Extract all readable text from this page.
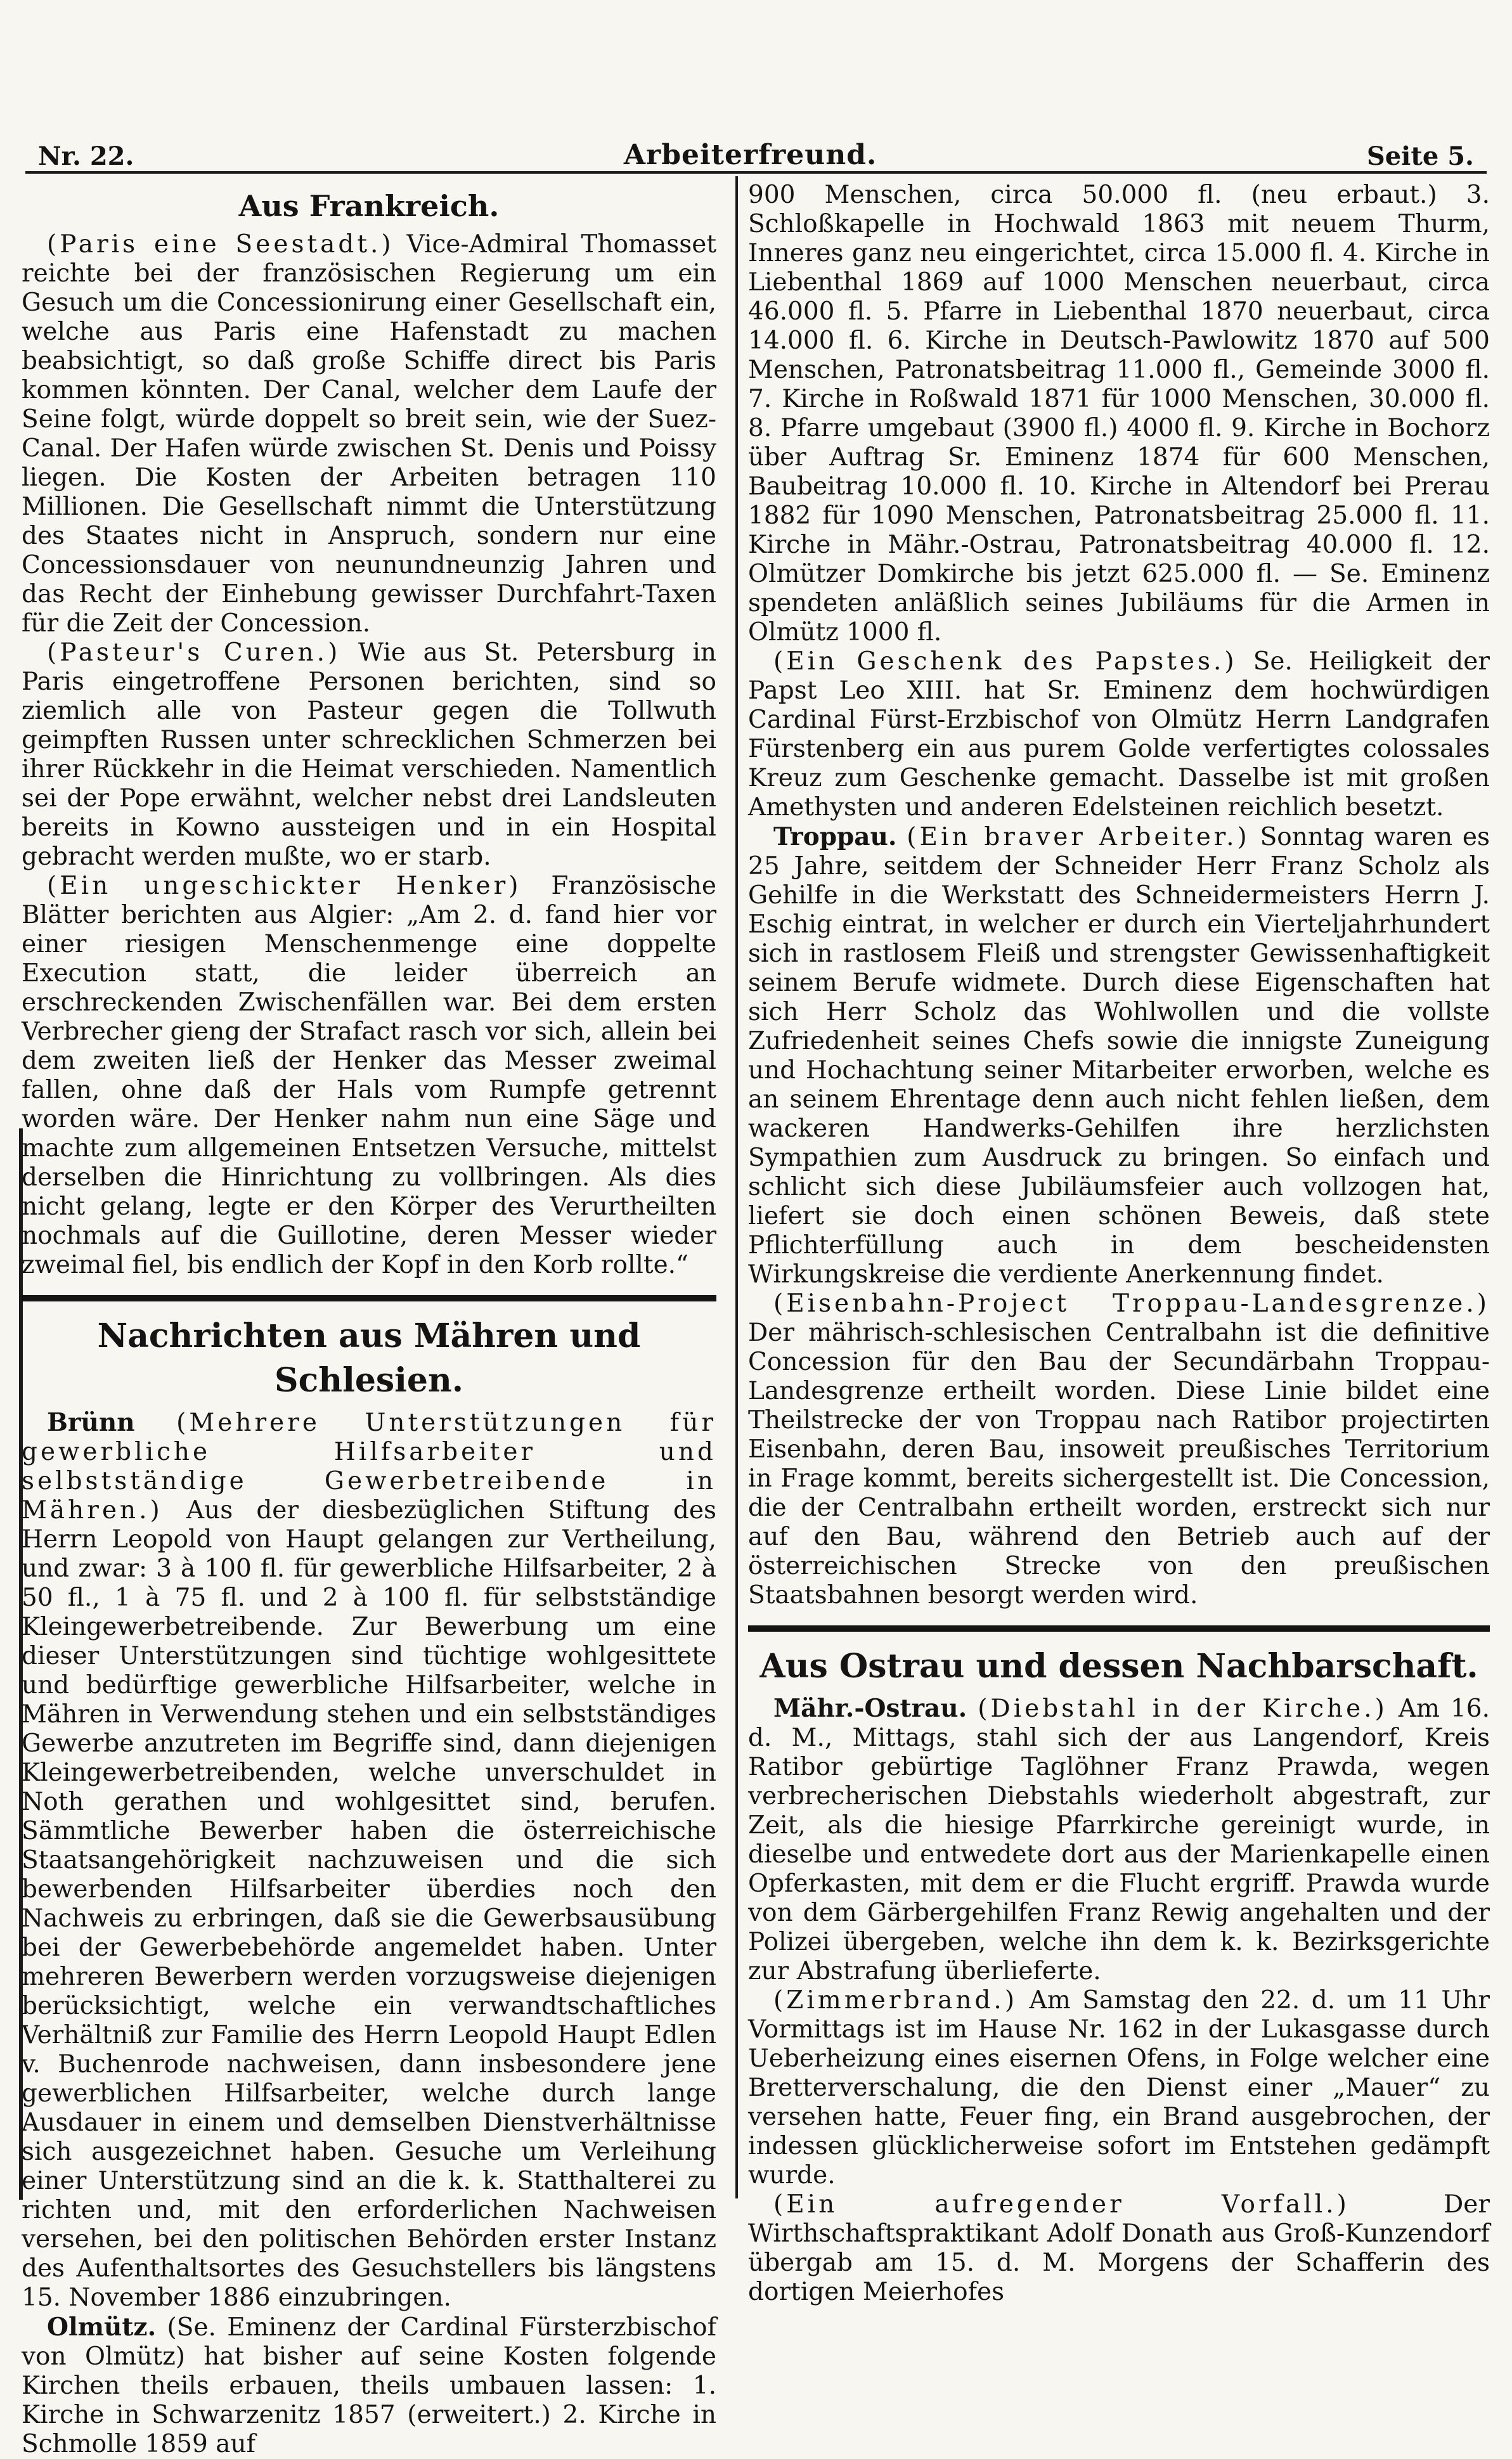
Nr. 22.	Arbeiterfreund.	Seite 5.
Aus Frankreich.

(Paris eine Seestadt.) Vice-Admiral Thomasset reichte bei der französischen Regierung um ein Gesuch um die Concessionirung einer Gesellschaft ein, welche aus Paris eine Hafenstadt zu machen beabsichtigt, so daß große Schiffe direct bis Paris kommen könnten. Der Canal, welcher dem Laufe der Seine folgt, würde doppelt so breit sein, wie der Suez-Canal. Der Hafen würde zwischen St. Denis und Poissy liegen. Die Kosten der Arbeiten betragen 110 Millionen. Die Gesellschaft nimmt die Unterstützung des Staates nicht in Anspruch, sondern nur eine Concessionsdauer von neunundneunzig Jahren und das Recht der Einhebung gewisser Durchfahrt-Taxen für die Zeit der Concession.

(Pasteur's Curen.) Wie aus St. Petersburg in Paris eingetroffene Personen berichten, sind so ziemlich alle von Pasteur gegen die Tollwuth geimpften Russen unter schrecklichen Schmerzen bei ihrer Rückkehr in die Heimat verschieden. Namentlich sei der Pope erwähnt, welcher nebst drei Landsleuten bereits in Kowno aussteigen und in ein Hospital gebracht werden mußte, wo er starb.

(Ein ungeschickter Henker) Französische Blätter berichten aus Algier: „Am 2. d. fand hier vor einer riesigen Menschenmenge eine doppelte Execution statt, die leider überreich an erschreckenden Zwischenfällen war. Bei dem ersten Verbrecher gieng der Strafact rasch vor sich, allein bei dem zweiten ließ der Henker das Messer zweimal fallen, ohne daß der Hals vom Rumpfe getrennt worden wäre. Der Henker nahm nun eine Säge und machte zum allgemeinen Entsetzen Versuche, mittelst derselben die Hinrichtung zu vollbringen. Als dies nicht gelang, legte er den Körper des Verurtheilten nochmals auf die Guillotine, deren Messer wieder zweimal fiel, bis endlich der Kopf in den Korb rollte.“

Nachrichten aus Mähren und Schlesien.

Brünn (Mehrere Unterstützungen für gewerbliche Hilfsarbeiter und selbstständige Gewerbetreibende in Mähren.) Aus der diesbezüglichen Stiftung des Herrn Leopold von Haupt gelangen zur Vertheilung, und zwar: 3 à 100 fl. für gewerbliche Hilfsarbeiter, 2 à 50 fl., 1 à 75 fl. und 2 à 100 fl. für selbstständige Kleingewerbetreibende. Zur Bewerbung um eine dieser Unterstützungen sind tüchtige wohlgesittete und bedürftige gewerbliche Hilfsarbeiter, welche in Mähren in Verwendung stehen und ein selbstständiges Gewerbe anzutreten im Begriffe sind, dann diejenigen Kleingewerbetreibenden, welche unverschuldet in Noth gerathen und wohlgesittet sind, berufen. Sämmtliche Bewerber haben die österreichische Staatsangehörigkeit nachzuweisen und die sich bewerbenden Hilfsarbeiter überdies noch den Nachweis zu erbringen, daß sie die Gewerbsausübung bei der Gewerbebehörde angemeldet haben. Unter mehreren Bewerbern werden vorzugsweise diejenigen berücksichtigt, welche ein verwandtschaftliches Verhältniß zur Familie des Herrn Leopold Haupt Edlen v. Buchenrode nachweisen, dann insbesondere jene gewerblichen Hilfsarbeiter, welche durch lange Ausdauer in einem und demselben Dienstverhältnisse sich ausgezeichnet haben. Gesuche um Verleihung einer Unterstützung sind an die k. k. Statthalterei zu richten und, mit den erforderlichen Nachweisen versehen, bei den politischen Behörden erster Instanz des Aufenthaltsortes des Gesuchstellers bis längstens 15. November 1886 einzubringen.

Olmütz. (Se. Eminenz der Cardinal Fürsterzbischof von Olmütz) hat bisher auf seine Kosten folgende Kirchen theils erbauen, theils umbauen lassen: 1. Kirche in Schwarzenitz 1857 (erweitert.) 2. Kirche in Schmolle 1859 auf

900 Menschen, circa 50.000 fl. (neu erbaut.) 3. Schloßkapelle in Hochwald 1863 mit neuem Thurm, Inneres ganz neu eingerichtet, circa 15.000 fl. 4. Kirche in Liebenthal 1869 auf 1000 Menschen neuerbaut, circa 46.000 fl. 5. Pfarre in Liebenthal 1870 neuerbaut, circa 14.000 fl. 6. Kirche in Deutsch-Pawlowitz 1870 auf 500 Menschen, Patronatsbeitrag 11.000 fl., Gemeinde 3000 fl. 7. Kirche in Roßwald 1871 für 1000 Menschen, 30.000 fl. 8. Pfarre umgebaut (3900 fl.) 4000 fl. 9. Kirche in Bochorz über Auftrag Sr. Eminenz 1874 für 600 Menschen, Baubeitrag 10.000 fl. 10. Kirche in Altendorf bei Prerau 1882 für 1090 Menschen, Patronatsbeitrag 25.000 fl. 11. Kirche in Mähr.-Ostrau, Patronatsbeitrag 40.000 fl. 12. Olmützer Domkirche bis jetzt 625.000 fl. — Se. Eminenz spendeten anläßlich seines Jubiläums für die Armen in Olmütz 1000 fl.

(Ein Geschenk des Papstes.) Se. Heiligkeit der Papst Leo XIII. hat Sr. Eminenz dem hochwürdigen Cardinal Fürst-Erzbischof von Olmütz Herrn Landgrafen Fürstenberg ein aus purem Golde verfertigtes colossales Kreuz zum Geschenke gemacht. Dasselbe ist mit großen Amethysten und anderen Edelsteinen reichlich besetzt.

Troppau. (Ein braver Arbeiter.) Sonntag waren es 25 Jahre, seitdem der Schneider Herr Franz Scholz als Gehilfe in die Werkstatt des Schneidermeisters Herrn J. Eschig eintrat, in welcher er durch ein Vierteljahrhundert sich in rastlosem Fleiß und strengster Gewissenhaftigkeit seinem Berufe widmete. Durch diese Eigenschaften hat sich Herr Scholz das Wohlwollen und die vollste Zufriedenheit seines Chefs sowie die innigste Zuneigung und Hochachtung seiner Mitarbeiter erworben, welche es an seinem Ehrentage denn auch nicht fehlen ließen, dem wackeren Handwerks-Gehilfen ihre herzlichsten Sympathien zum Ausdruck zu bringen. So einfach und schlicht sich diese Jubiläumsfeier auch vollzogen hat, liefert sie doch einen schönen Beweis, daß stete Pflichterfüllung auch in dem bescheidensten Wirkungskreise die verdiente Anerkennung findet.

(Eisenbahn-Project Troppau-Landesgrenze.) Der mährisch-schlesischen Centralbahn ist die definitive Concession für den Bau der Secundärbahn Troppau-Landesgrenze ertheilt worden. Diese Linie bildet eine Theilstrecke der von Troppau nach Ratibor projectirten Eisenbahn, deren Bau, insoweit preußisches Territorium in Frage kommt, bereits sichergestellt ist. Die Concession, die der Centralbahn ertheilt worden, erstreckt sich nur auf den Bau, während den Betrieb auch auf der österreichischen Strecke von den preußischen Staatsbahnen besorgt werden wird.

Aus Ostrau und dessen Nachbarschaft.

Mähr.-Ostrau. (Diebstahl in der Kirche.) Am 16. d. M., Mittags, stahl sich der aus Langendorf, Kreis Ratibor gebürtige Taglöhner Franz Prawda, wegen verbrecherischen Diebstahls wiederholt abgestraft, zur Zeit, als die hiesige Pfarrkirche gereinigt wurde, in dieselbe und entwedete dort aus der Marienkapelle einen Opferkasten, mit dem er die Flucht ergriff. Prawda wurde von dem Gärbergehilfen Franz Rewig angehalten und der Polizei übergeben, welche ihn dem k. k. Bezirksgerichte zur Abstrafung überlieferte.

(Zimmerbrand.) Am Samstag den 22. d. um 11 Uhr Vormittags ist im Hause Nr. 162 in der Lukasgasse durch Ueberheizung eines eisernen Ofens, in Folge welcher eine Bretterverschalung, die den Dienst einer „Mauer“ zu versehen hatte, Feuer fing, ein Brand ausgebrochen, der indessen glücklicherweise sofort im Entstehen gedämpft wurde.

(Ein aufregender Vorfall.)	Der Wirthschaftspraktikant Adolf Donath aus Groß-Kunzendorf übergab am 15. d. M. Morgens der Schafferin des dortigen Meierhofes
